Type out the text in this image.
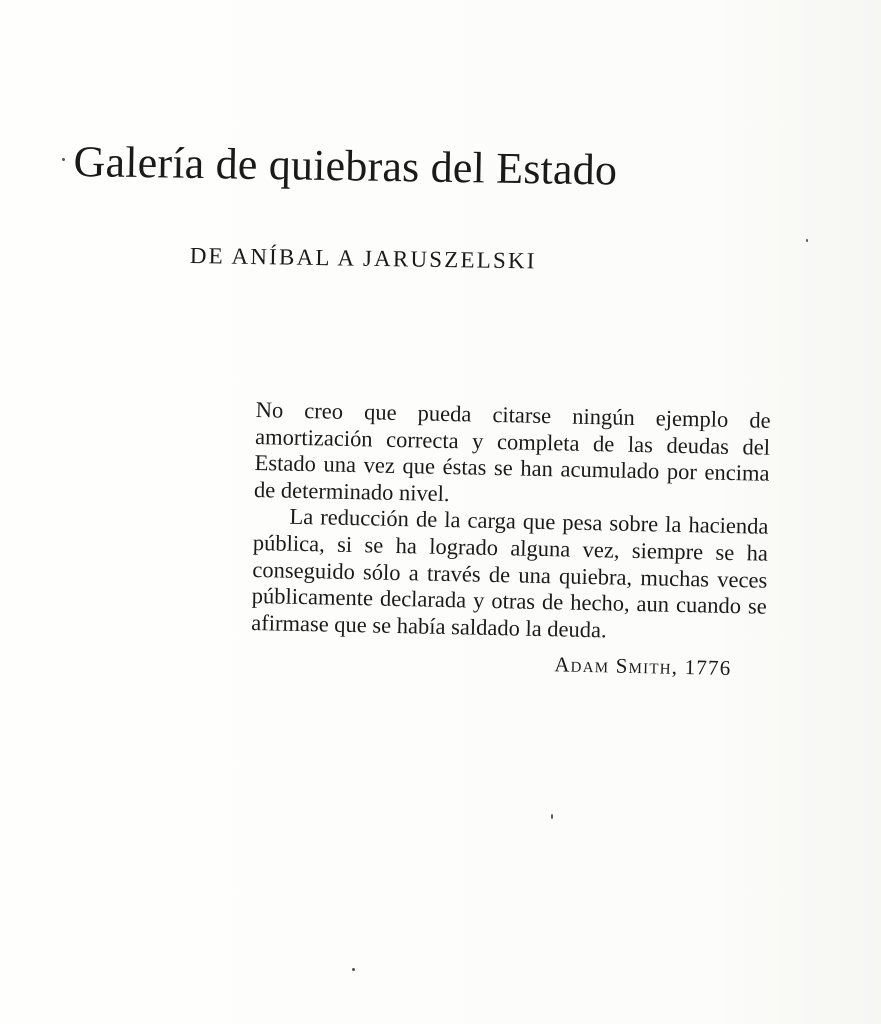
Galería de quiebras del Estado
DE ANÍBAL A JARUSZELSKI

No creo que pueda citarse ningún ejemplo de amortización correcta y completa de las deudas del Estado una vez que éstas se han acumulado por encima de determinado nivel.

La reducción de la carga que pesa sobre la hacienda pública, si se ha logrado alguna vez, siempre se ha conseguido sólo a través de una quiebra, muchas veces públicamente declarada y otras de hecho, aun cuando se afirmase que se había saldado la deuda.

Adam Smith, 1776
